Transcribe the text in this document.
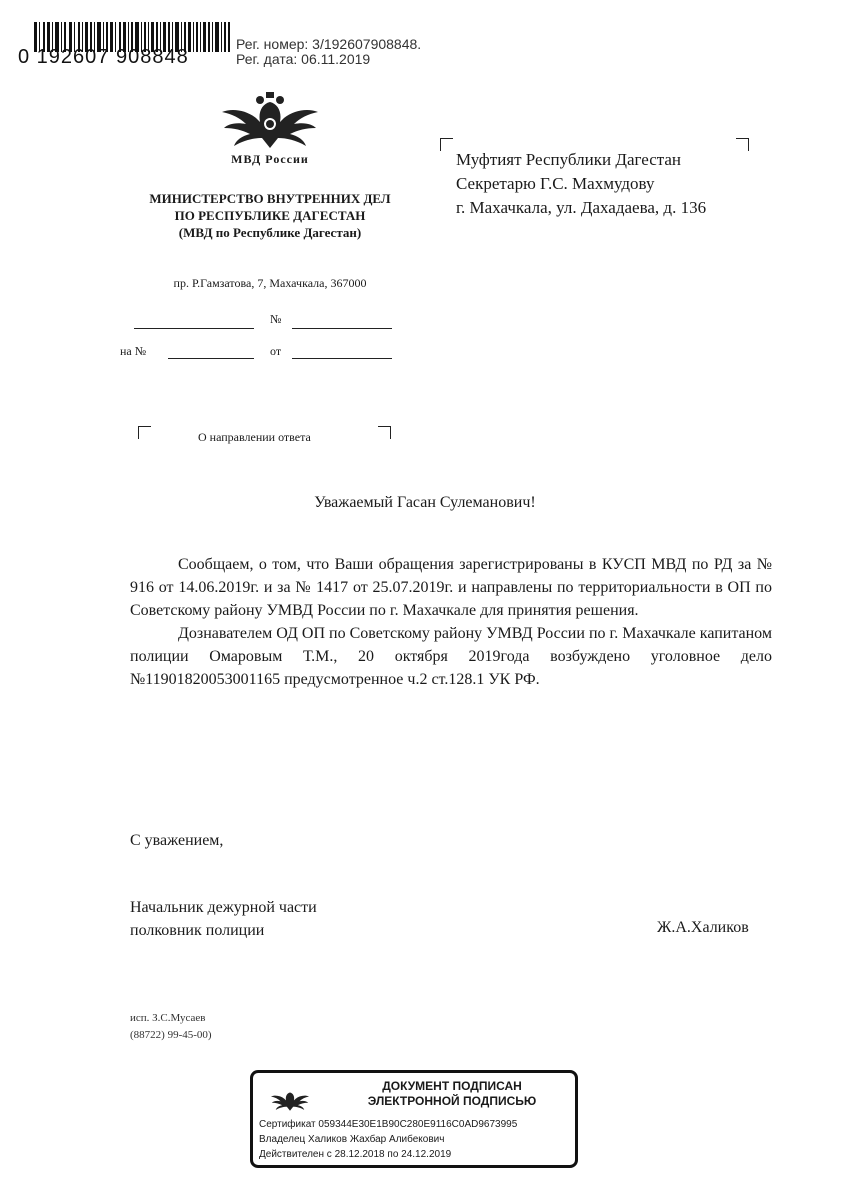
0 192607 908848
Рег. номер: 3/192607908848.
Рег. дата: 06.11.2019
МВД России
МИНИСТЕРСТВО ВНУТРЕННИХ ДЕЛ
ПО РЕСПУБЛИКЕ ДАГЕСТАН
(МВД по Республике Дагестан)
пр. Р.Гамзатова, 7, Махачкала, 367000
№
на №	от
О направлении ответа
Муфтият Республики Дагестан
Секретарю Г.С. Махмудову
г. Махачкала, ул. Дахадаева, д. 136
Уважаемый Гасан Сулеманович!

Сообщаем, о том, что Ваши обращения зарегистрированы в КУСП МВД по РД за № 916 от 14.06.2019г. и за № 1417 от 25.07.2019г. и направлены по территориальности в ОП по Советскому району УМВД России по г. Махачкале для принятия решения.

Дознавателем ОД ОП по Советскому району УМВД России по г. Махачкале капитаном полиции Омаровым Т.М., 20 октября 2019года возбуждено уголовное дело №11901820053001165 предусмотренное ч.2 ст.128.1 УК РФ.

С уважением,
Начальник дежурной части
полковник полиции	Ж.А.Халиков
исп. З.С.Мусаев
(88722) 99-45-00)
ДОКУМЕНТ ПОДПИСАН
ЭЛЕКТРОННОЙ ПОДПИСЬЮ
Сертификат 059344E30E1B90C280E9116C0AD9673995
Владелец Халиков Жахбар Алибекович
Действителен с 28.12.2018 по 24.12.2019
